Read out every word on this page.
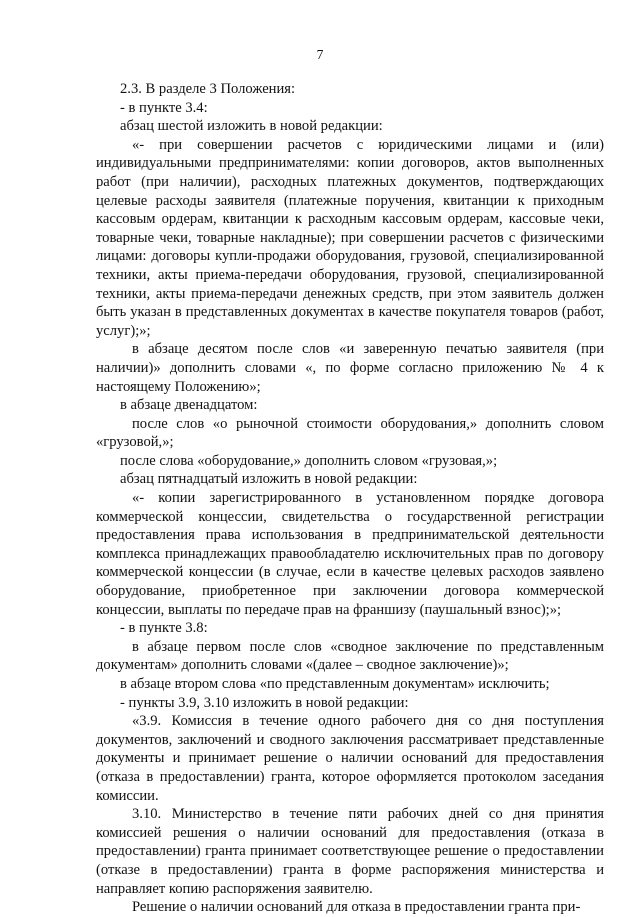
7

2.3. В разделе 3 Положения:

- в пункте 3.4:

абзац шестой изложить в новой редакции:

«- при совершении расчетов с юридическими лицами и (или) индивидуальными предпринимателями: копии договоров, актов выполненных работ (при наличии), расходных платежных документов, подтверждающих целевые расходы заявителя (платежные поручения, квитанции к приходным кассовым ордерам, квитанции к расходным кассовым ордерам, кассовые чеки, товарные чеки, товарные накладные); при совершении расчетов с физическими лицами: договоры купли-продажи оборудования, грузовой, специализированной техники, акты приема-передачи оборудования, грузовой, специализированной техники, акты приема-передачи денежных средств, при этом заявитель должен быть указан в представленных документах в качестве покупателя товаров (работ, услуг);»;

в абзаце десятом после слов «и заверенную печатью заявителя (при наличии)» дополнить словами «, по форме согласно приложению № 4 к настоящему Положению»;

в абзаце двенадцатом:

после слов «о рыночной стоимости оборудования,» дополнить словом «грузовой,»;

после слова «оборудование,» дополнить словом «грузовая,»;

абзац пятнадцатый изложить в новой редакции:

«- копии зарегистрированного в установленном порядке договора коммерческой концессии, свидетельства о государственной регистрации предоставления права использования в предпринимательской деятельности комплекса принадлежащих правообладателю исключительных прав по договору коммерческой концессии (в случае, если в качестве целевых расходов заявлено оборудование, приобретенное при заключении договора коммерческой концессии, выплаты по передаче прав на франшизу (паушальный взнос);»;

- в пункте 3.8:

в абзаце первом после слов «сводное заключение по представленным документам» дополнить словами «(далее – сводное заключение)»;

в абзаце втором слова «по представленным документам» исключить;

- пункты 3.9, 3.10 изложить в новой редакции:

«3.9. Комиссия в течение одного рабочего дня со дня поступления документов, заключений и сводного заключения рассматривает представленные документы и принимает решение о наличии оснований для предоставления (отказа в предоставлении) гранта, которое оформляется протоколом заседания комиссии.

3.10. Министерство в течение пяти рабочих дней со дня принятия комиссией решения о наличии оснований для предоставления (отказа в предоставлении) гранта принимает соответствующее решение о предоставлении (отказе в предоставлении) гранта в форме распоряжения министерства и направляет копию распоряжения заявителю.

Решение о наличии оснований для отказа в предоставлении гранта при-
